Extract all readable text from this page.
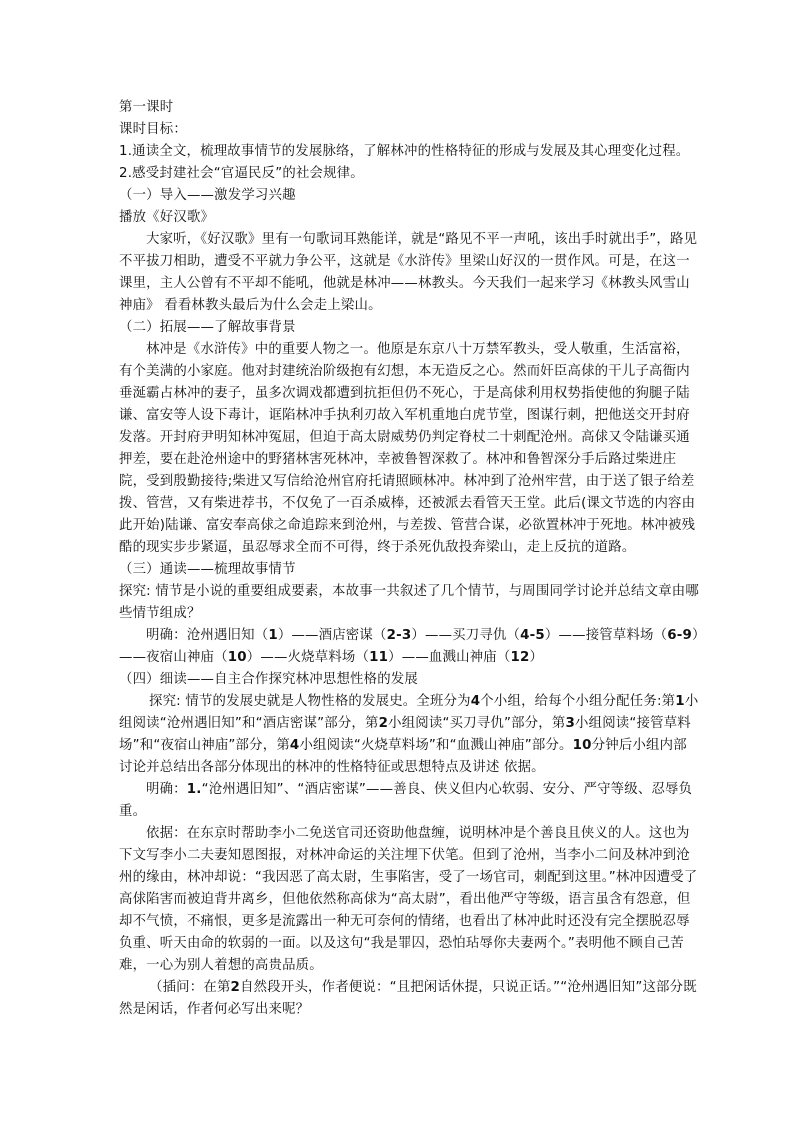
第一课时

课时目标：

1.通读全文，梳理故事情节的发展脉络，了解林冲的性格特征的形成与发展及其心理变化过程。

2.感受封建社会“官逼民反”的社会规律。

（一）导入——激发学习兴趣

播放《好汉歌》

大家听，《好汉歌》里有一句歌词耳熟能详，就是“路见不平一声吼，该出手时就出手”，路见不平拔刀相助，遭受不平就力争公平，这就是《水浒传》里梁山好汉的一贯作风。可是，在这一课里，主人公曾有不平却不能吼，他就是林冲——林教头。今天我们一起来学习《林教头风雪山神庙》 看看林教头最后为什么会走上梁山。

（二）拓展——了解故事背景

林冲是《水浒传》中的重要人物之一。他原是东京八十万禁军教头，受人敬重，生活富裕，有个美满的小家庭。他对封建统治阶级抱有幻想，本无造反之心。然而奸臣高俅的干儿子高衙内垂涎霸占林冲的妻子，虽多次调戏都遭到抗拒但仍不死心，于是高俅利用权势指使他的狗腿子陆谦、富安等人设下毒计，诓陷林冲手执利刃故入军机重地白虎节堂，图谋行刺，把他送交开封府发落。开封府尹明知林冲冤屈，但迫于高太尉威势仍判定脊杖二十刺配沧州。高俅又令陆谦买通押差，要在赴沧州途中的野猪林害死林冲，幸被鲁智深救了。林冲和鲁智深分手后路过柴进庄院，受到殷勤接待;柴进又写信给沧州官府托请照顾林冲。林冲到了沧州牢营，由于送了银子给差拨、管营，又有柴进荐书，不仅免了一百杀威棒，还被派去看管天王堂。此后(课文节选的内容由此开始)陆谦、富安奉高俅之命追踪来到沧州，与差拨、管营合谋，必欲置林冲于死地。林冲被残酷的现实步步紧逼，虽忍辱求全而不可得，终于杀死仇敌投奔梁山，走上反抗的道路。

（三）通读——梳理故事情节

探究: 情节是小说的重要组成要素，本故事一共叙述了几个情节，与周围同学讨论并总结文章由哪些情节组成？

明确：沧州遇旧知（1）——酒店密谋（2-3）——买刀寻仇（4-5）——接管草料场（6-9）——夜宿山神庙（10）——火烧草料场（11）——血溅山神庙（12）

（四）细读——自主合作探究林冲思想性格的发展

探究: 情节的发展史就是人物性格的发展史。全班分为4个小组，给每个小组分配任务:第1小组阅读“沧州遇旧知”和“酒店密谋”部分，第2小组阅读“买刀寻仇”部分，第3小组阅读“接管草料场”和“夜宿山神庙”部分，第4小组阅读“火烧草料场”和“血溅山神庙”部分。10分钟后小组内部讨论并总结出各部分体现出的林冲的性格特征或思想特点及讲述 依据。

明确：1.“沧州遇旧知”、“酒店密谋”——善良、侠义但内心软弱、安分、严守等级、忍辱负重。

依据：在东京时帮助李小二免送官司还资助他盘缠，说明林冲是个善良且侠义的人。这也为下文写李小二夫妻知恩图报，对林冲命运的关注埋下伏笔。但到了沧州，当李小二问及林冲到沧州的缘由，林冲却说：“我因恶了高太尉，生事陷害，受了一场官司，刺配到这里。”林冲因遭受了高俅陷害而被迫背井离乡，但他依然称高俅为“高太尉”，看出他严守等级，语言虽含有怨意，但却不气愤，不痛恨，更多是流露出一种无可奈何的情绪，也看出了林冲此时还没有完全摆脱忍辱负重、听天由命的软弱的一面。以及这句“我是罪囚，恐怕玷辱你夫妻两个。”表明他不顾自己苦难，一心为别人着想的高贵品质。

（插问：在第2自然段开头，作者便说：“且把闲话休提，只说正话。”“沧州遇旧知”这部分既然是闲话，作者何必写出来呢？
